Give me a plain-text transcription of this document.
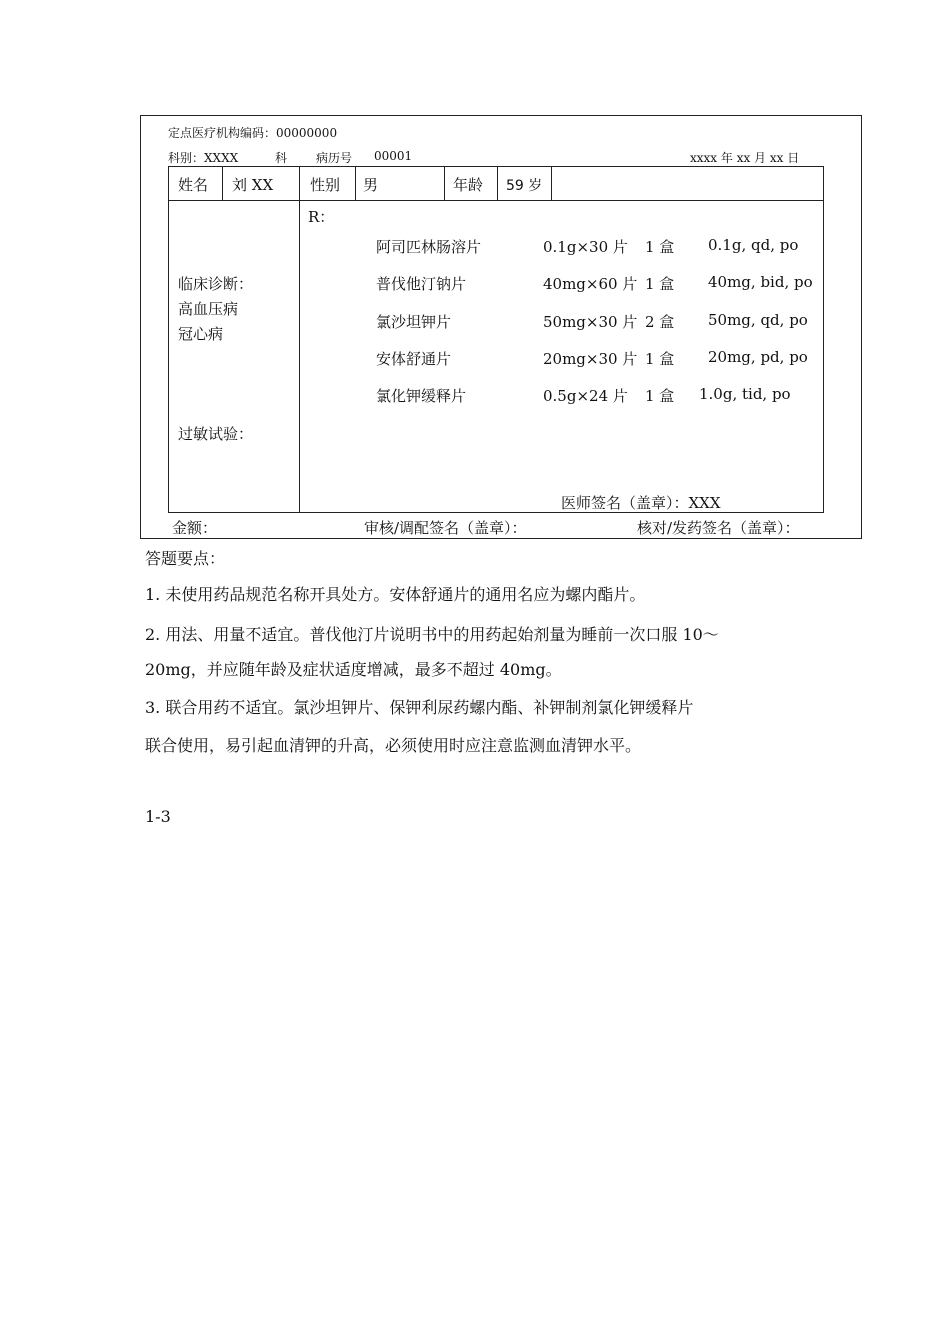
定点医疗机构编码：00000000
科别：XXXX	科 病历号 00001	xxxx 年 xx 月 xx 日
姓名 刘 XX 性别 男	年龄 59 岁
临床诊断：
高血压病
冠心病
过敏试验：
R：
阿司匹林肠溶片	0.1g×30 片 1 盒 0.1g, qd, po
普伐他汀钠片	40mg×60 片 1 盒 40mg, bid, po
氯沙坦钾片	50mg×30 片 2 盒 50mg, qd, po
安体舒通片	20mg×30 片 1 盒 20mg, pd, po
氯化钾缓释片	0.5g×24 片 1 盒 1.0g, tid, po
医师签名（盖章）：XXX
金额：	审核/调配签名（盖章）：	核对/发药签名（盖章）：
答题要点：
1. 未使用药品规范名称开具处方。安体舒通片的通用名应为螺内酯片。
2. 用法、用量不适宜。普伐他汀片说明书中的用药起始剂量为睡前一次口服 10～
20mg，并应随年龄及症状适度增减，最多不超过 40mg。
3. 联合用药不适宜。氯沙坦钾片、保钾利尿药螺内酯、补钾制剂氯化钾缓释片
联合使用，易引起血清钾的升高，必须使用时应注意监测血清钾水平。
1-3
